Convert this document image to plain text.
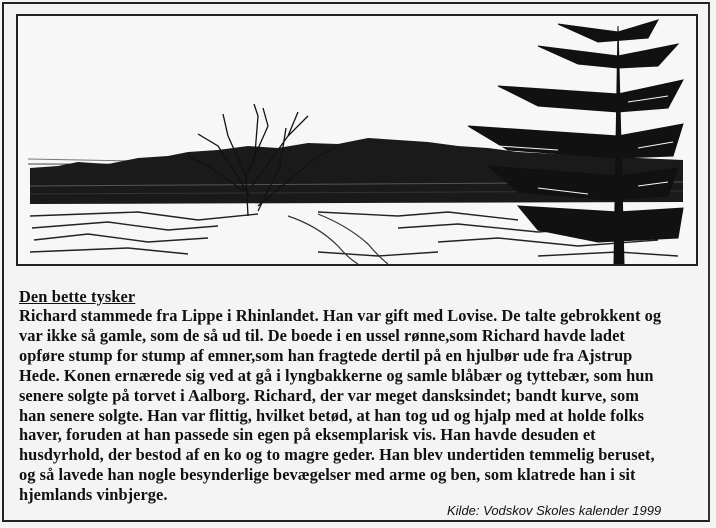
Den bette tysker
Richard stammede fra Lippe i Rhinlandet. Han var gift med Lovise. De talte gebrokkent og
var ikke så gamle, som de så ud til. De boede i en ussel rønne,som Richard havde ladet
opføre stump for stump af emner,som han fragtede dertil på en hjulbør ude fra Ajstrup
Hede. Konen ernærede sig ved at gå i lyngbakkerne og samle blåbær og tyttebær, som hun
senere solgte på torvet i Aalborg. Richard, der var meget dansksindet; bandt kurve, som
han senere solgte. Han var flittig, hvilket betød, at han tog ud og hjalp med at holde folks
haver, foruden at han passede sin egen på eksemplarisk vis. Han havde desuden et
husdyrhold, der bestod af en ko og to magre geder. Han blev undertiden temmelig beruset,
og så lavede han nogle besynderlige bevægelser med arme og ben, som klatrede han i sit
hjemlands vinbjerge.
Kilde: Vodskov Skoles kalender 1999
